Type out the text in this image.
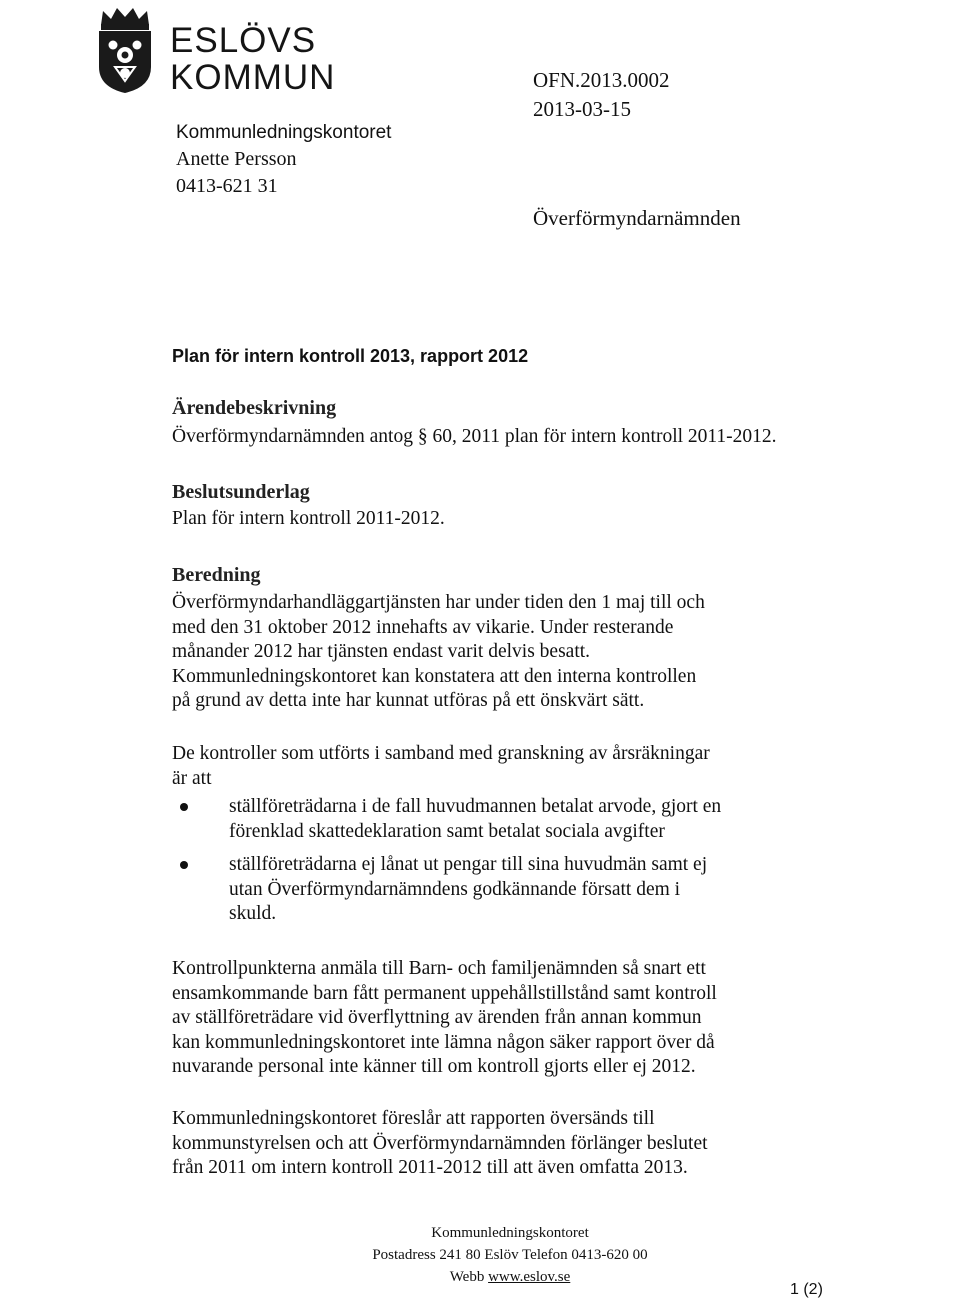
ESLÖVS
KOMMUN	OFN.2013.0002
2013-03-15
Kommunledningskontoret
Anette Persson
0413-621 31
Överförmyndarnämnden
Plan för intern kontroll 2013, rapport 2012
Ärendebeskrivning
Överförmyndarnämnden antog § 60, 2011 plan för intern kontroll 2011-2012.
Beslutsunderlag
Plan för intern kontroll 2011-2012.
Beredning
Överförmyndarhandläggartjänsten har under tiden den 1 maj till och
med den 31 oktober 2012 innehafts av vikarie. Under resterande
månander 2012 har tjänsten endast varit delvis besatt.
Kommunledningskontoret kan konstatera att den interna kontrollen
på grund av detta inte har kunnat utföras på ett önskvärt sätt.
De kontroller som utförts i samband med granskning av årsräkningar
är att
ställföreträdarna i de fall huvudmannen betalat arvode, gjort en
förenklad skattedeklaration samt betalat sociala avgifter
ställföreträdarna ej lånat ut pengar till sina huvudmän samt ej
utan Överförmyndarnämndens godkännande försatt dem i
skuld.
Kontrollpunkterna anmäla till Barn- och familjenämnden så snart ett
ensamkommande barn fått permanent uppehållstillstånd samt kontroll
av ställföreträdare vid överflyttning av ärenden från annan kommun
kan kommunledningskontoret inte lämna någon säker rapport över då
nuvarande personal inte känner till om kontroll gjorts eller ej 2012.
Kommunledningskontoret föreslår att rapporten översänds till
kommunstyrelsen och att Överförmyndarnämnden förlänger beslutet
från 2011 om intern kontroll 2011-2012 till att även omfatta 2013.
Kommunledningskontoret
Postadress 241 80 Eslöv Telefon 0413-620 00
Webb www.eslov.se
1 (2)
